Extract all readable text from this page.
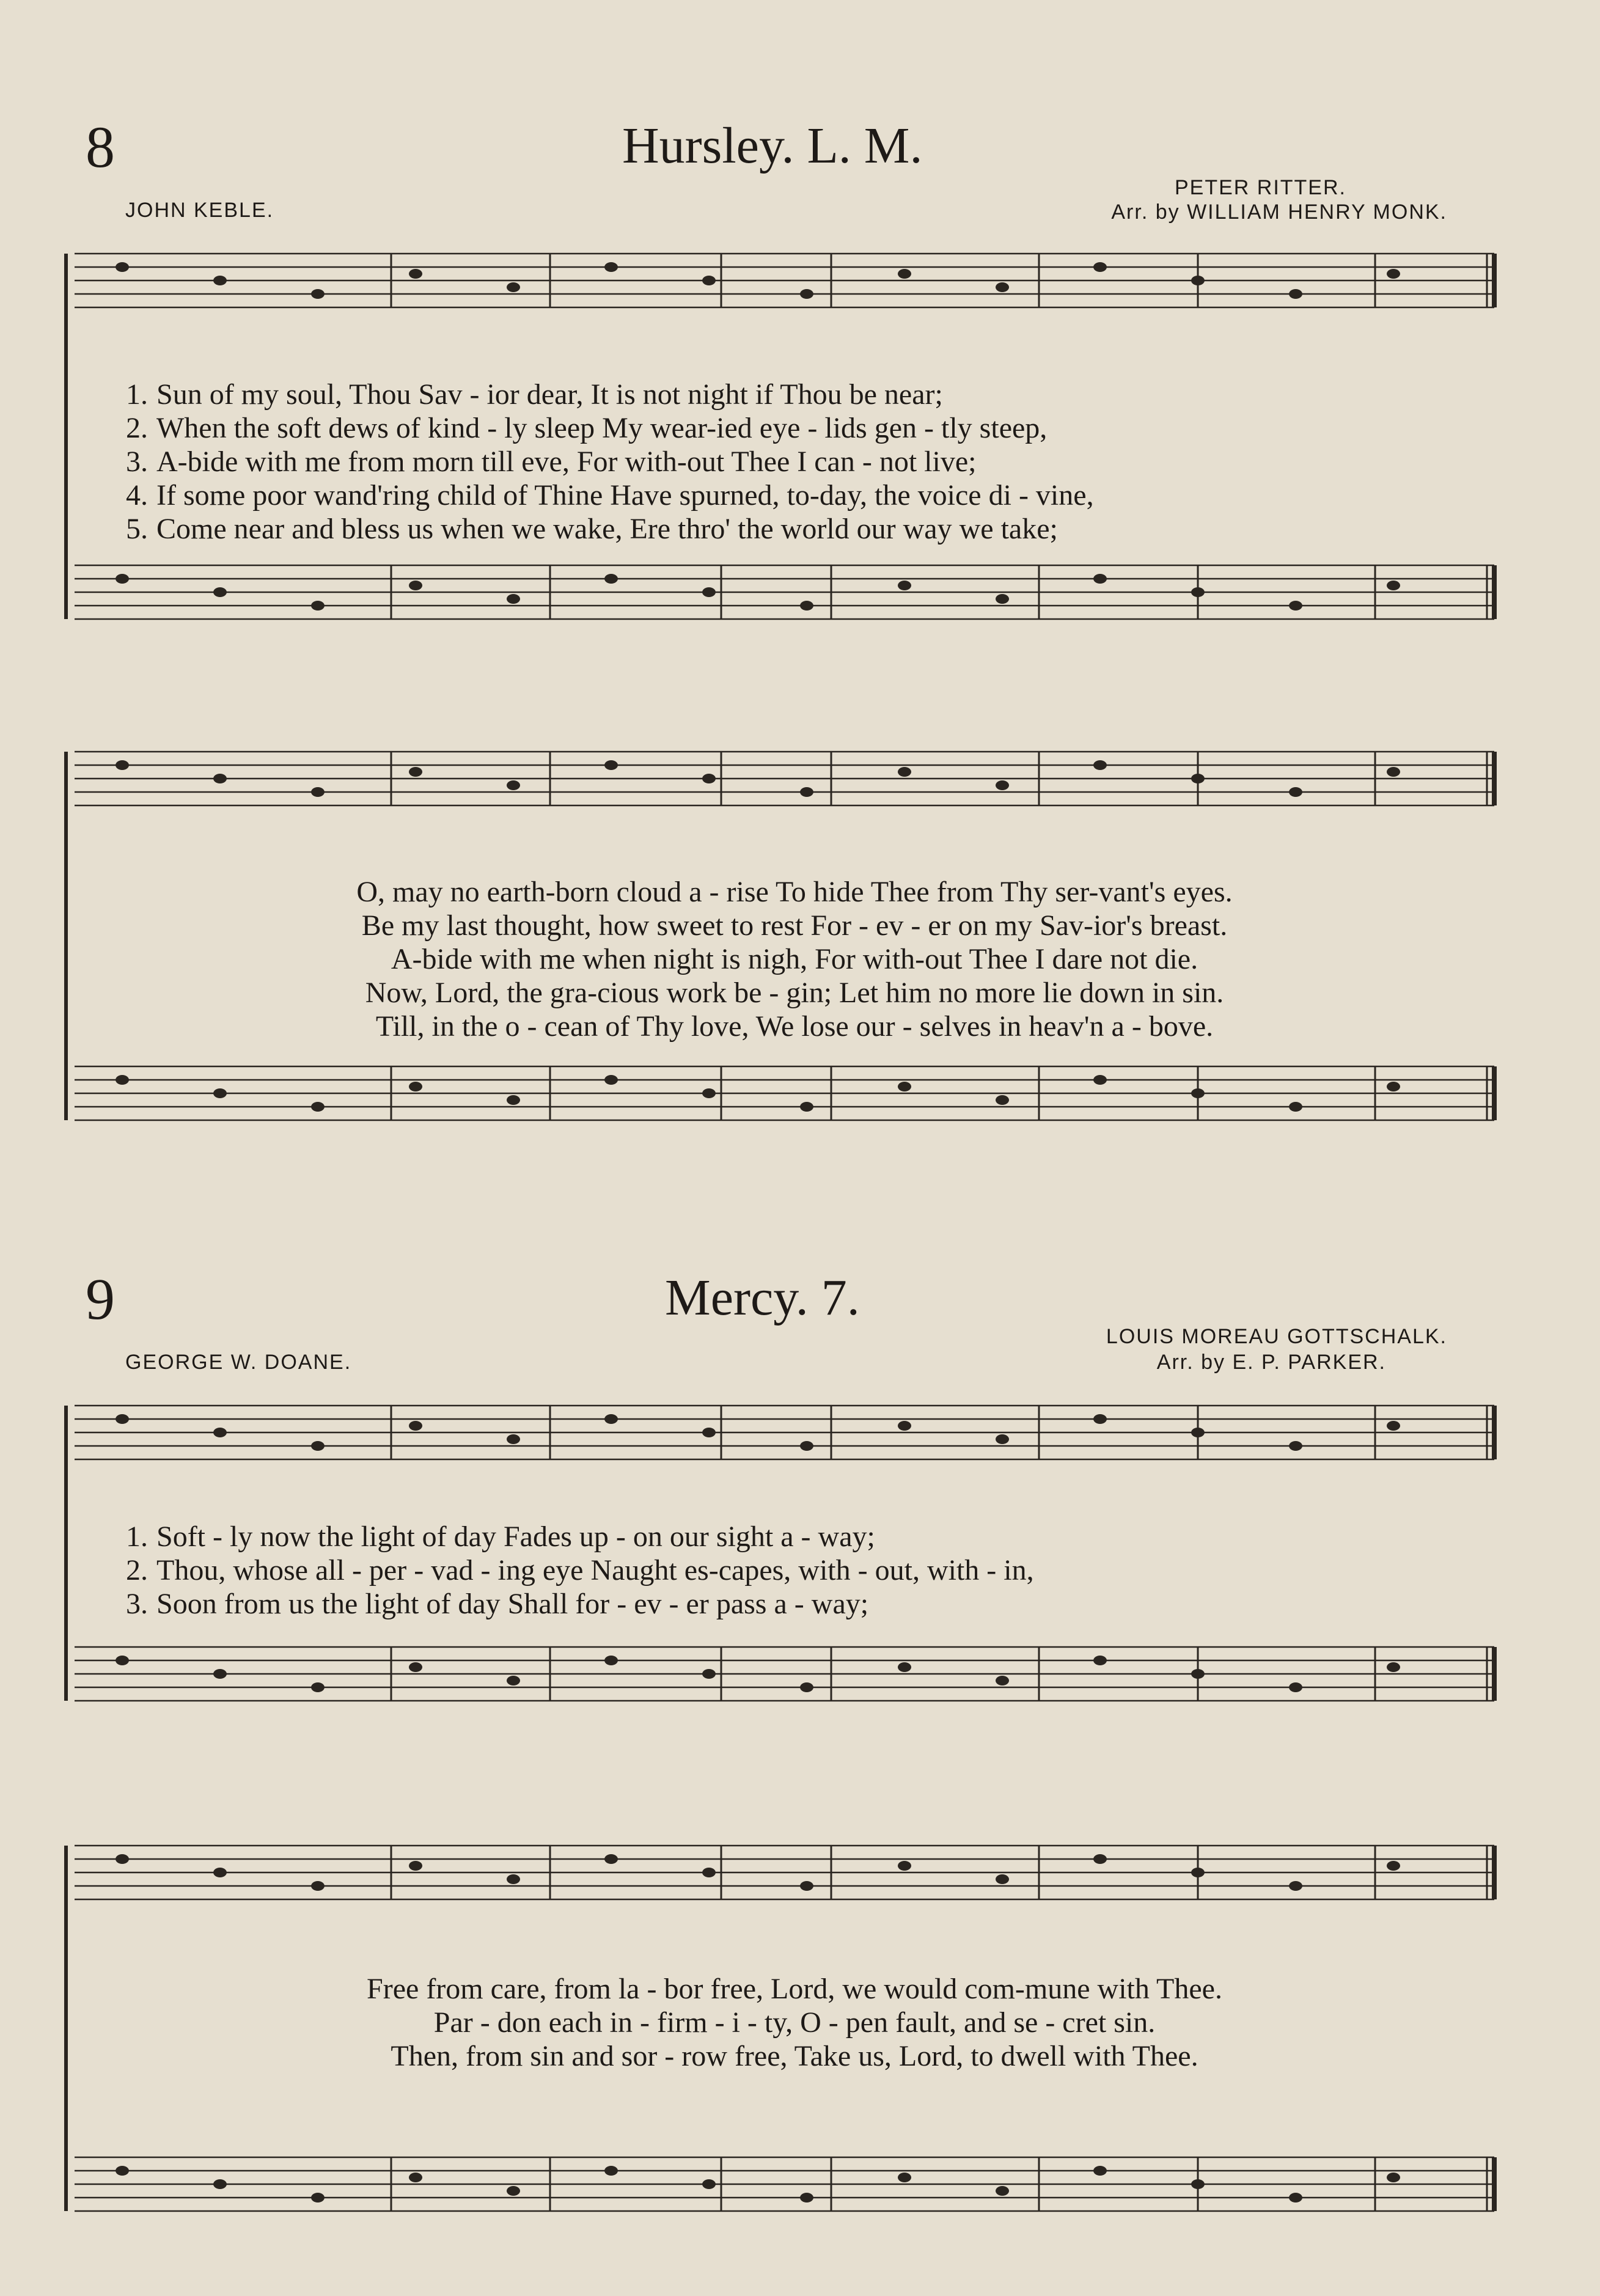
8	Hursley. L. M.
JOHN KEBLE.
PETER RITTER.
Arr. by WILLIAM HENRY MONK.
1. Sun of my soul, Thou Sav - ior dear, It is not night if Thou be near;
2. When the soft dews of kind - ly sleep My wear-ied eye - lids gen - tly steep,
3. A-bide with me from morn till eve, For with-out Thee I can - not live;
4. If some poor wand'ring child of Thine Have spurned, to-day, the voice di - vine,
5. Come near and bless us when we wake, Ere thro' the world our way we take;
O, may no earth-born cloud a - rise To hide Thee from Thy ser-vant's eyes.
Be my last thought, how sweet to rest For - ev - er on my Sav-ior's breast.
A-bide with me when night is nigh, For with-out Thee I dare not die.
Now, Lord, the gra-cious work be - gin; Let him no more lie down in sin.
Till, in the o - cean of Thy love, We lose our - selves in heav'n a - bove.
9	Mercy. 7.
GEORGE W. DOANE.
LOUIS MOREAU GOTTSCHALK.
Arr. by E. P. PARKER.
1. Soft - ly now the light of day Fades up - on our sight a - way;
2. Thou, whose all - per - vad - ing eye Naught es-capes, with - out, with - in,
3. Soon from us the light of day Shall for - ev - er pass a - way;
Free from care, from la - bor free, Lord, we would com-mune with Thee.
Par - don each in - firm - i - ty, O - pen fault, and se - cret sin.
Then, from sin and sor - row free, Take us, Lord, to dwell with Thee.
